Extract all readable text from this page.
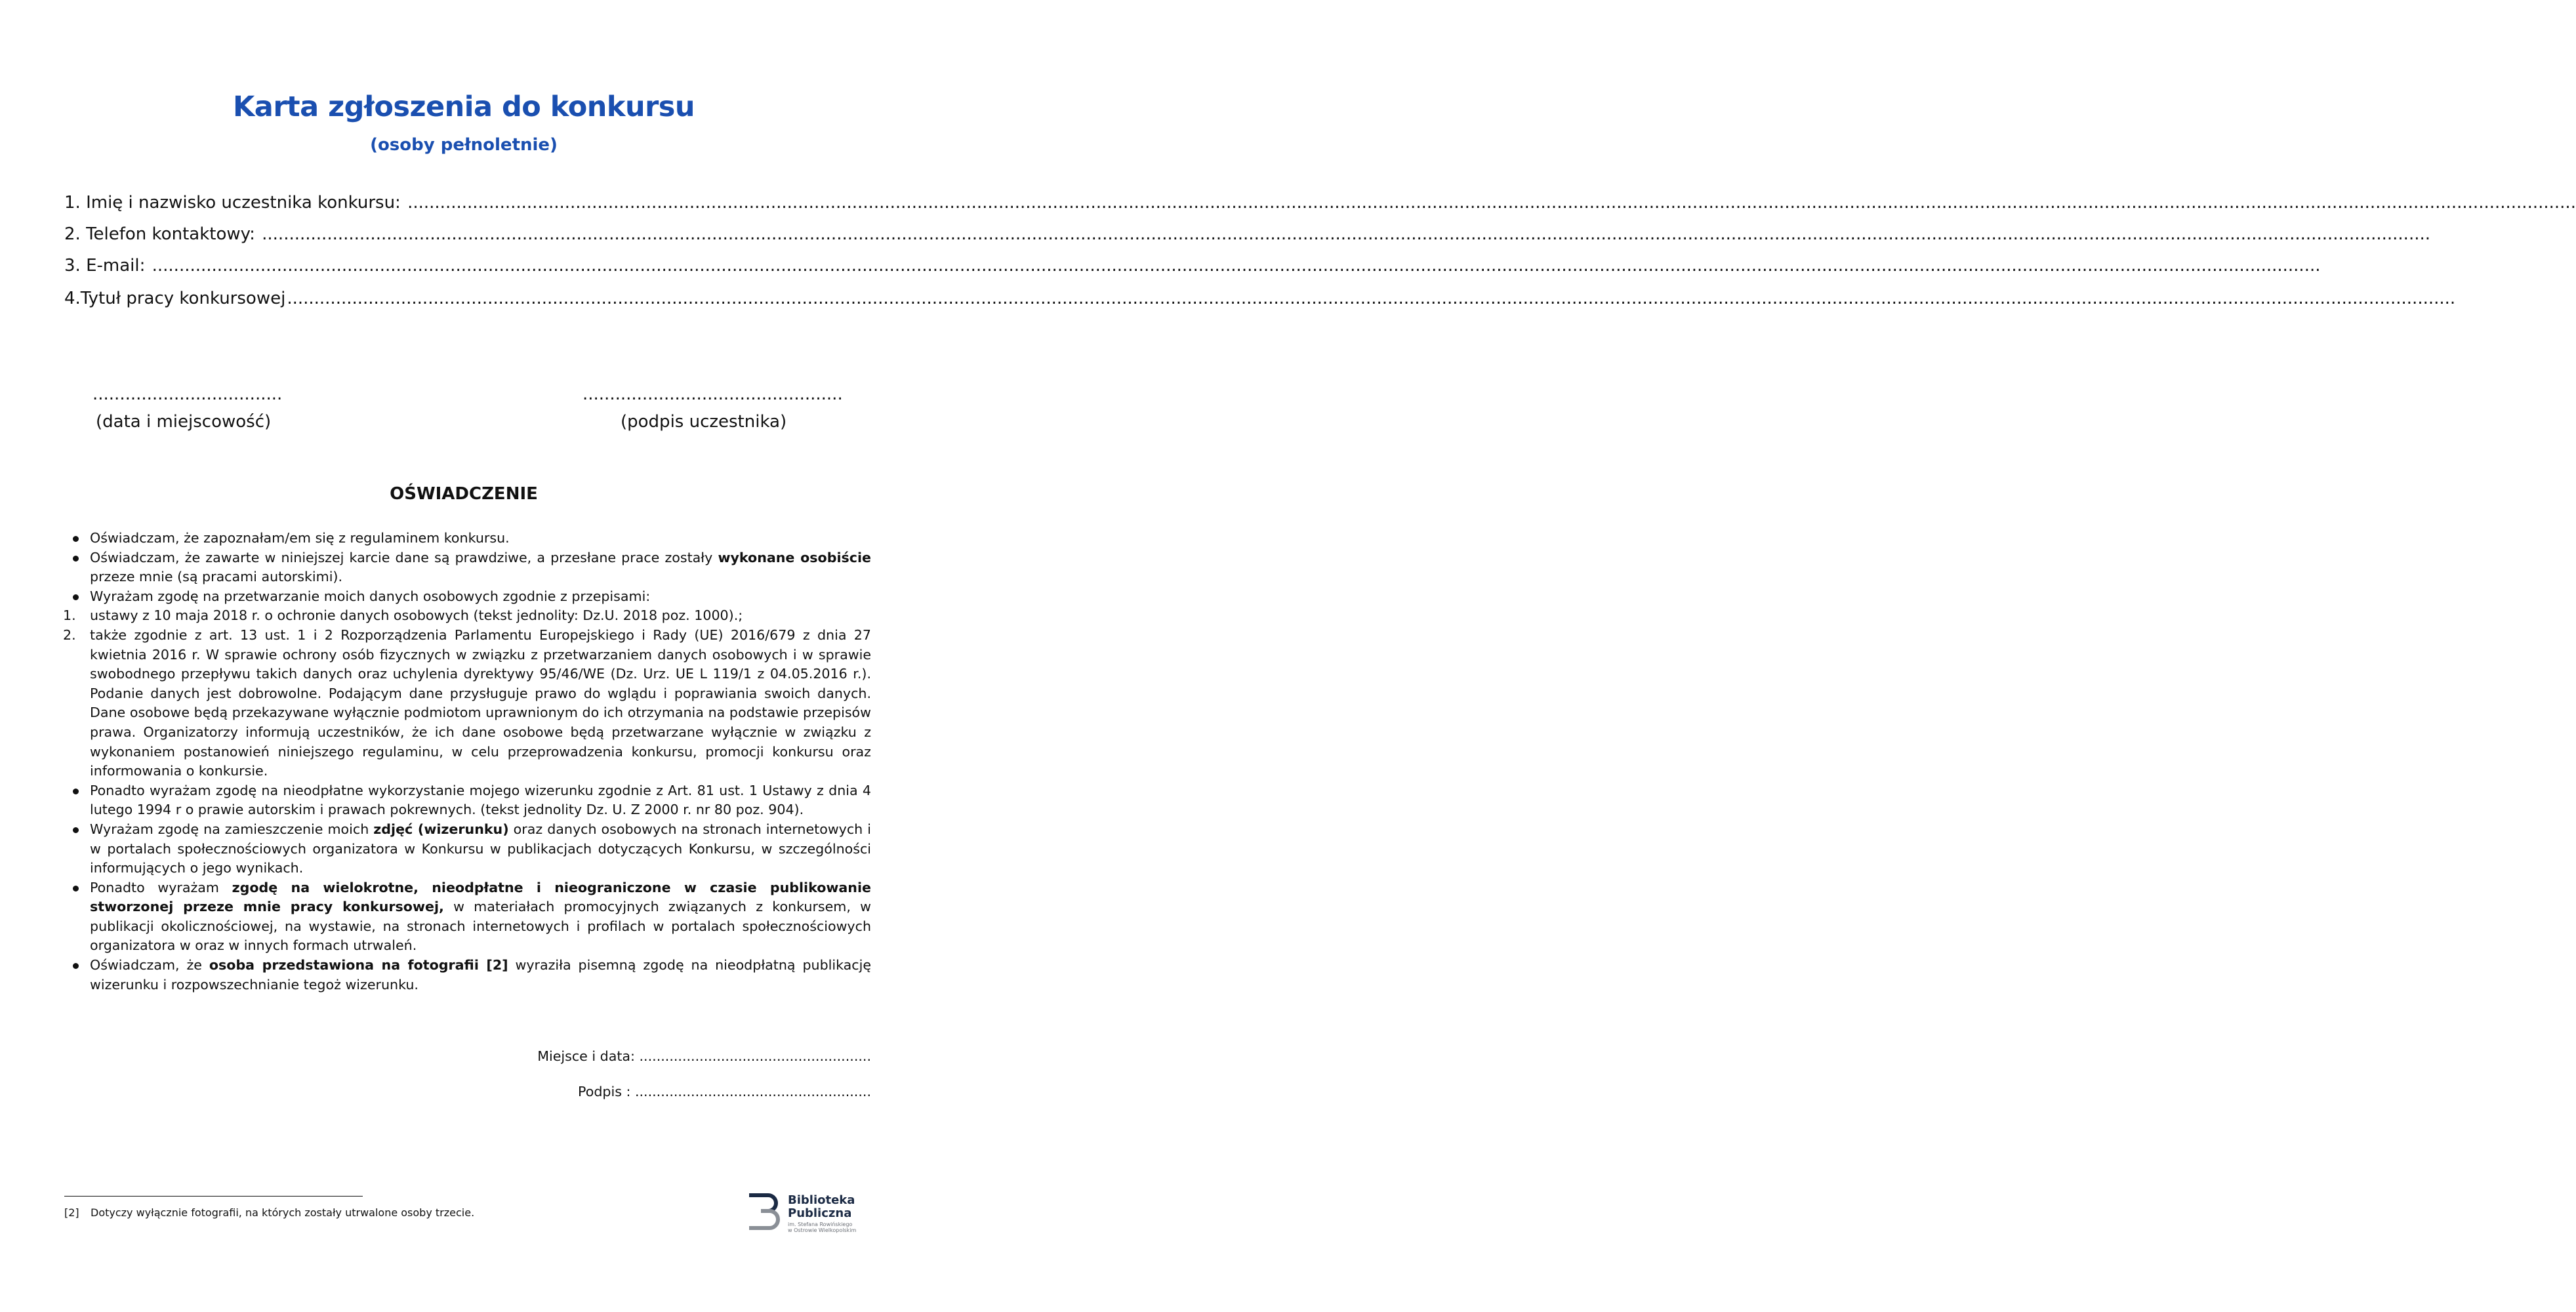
Karta zgłoszenia do konkursu
(osoby pełnoletnie)
1. Imię i nazwisko uczestnika konkursu: ................................................................................................................................................................................................................................................................................................................................................................................................................
2. Telefon kontaktowy: ................................................................................................................................................................................................................................................................................................................................................................................................................
3. E-mail: ................................................................................................................................................................................................................................................................................................................................................................................................................
4.Tytuł pracy konkursowej................................................................................................................................................................................................................................................................................................................................................................................................................
...................................
(data i miejscowość)
................................................
(podpis uczestnika)
OŚWIADCZENIE
Oświadczam, że zapoznałam/em się z regulaminem konkursu.
Oświadczam, że zawarte w niniejszej karcie dane są prawdziwe, a przesłane prace zostały wykonane osobiście przeze mnie (są pracami autorskimi).
Wyrażam zgodę na przetwarzanie moich danych osobowych zgodnie z przepisami:
1. ustawy z 10 maja 2018 r. o ochronie danych osobowych (tekst jednolity: Dz.U. 2018 poz. 1000).;
2. także zgodnie z art. 13 ust. 1 i 2 Rozporządzenia Parlamentu Europejskiego i Rady (UE) 2016/679 z dnia 27 kwietnia 2016 r. W sprawie ochrony osób fizycznych w związku z przetwarzaniem danych osobowych i w sprawie swobodnego przepływu takich danych oraz uchylenia dyrektywy 95/46/WE (Dz. Urz. UE L 119/1 z 04.05.2016 r.). Podanie danych jest dobrowolne. Podającym dane przysługuje prawo do wglądu i poprawiania swoich danych. Dane osobowe będą przekazywane wyłącznie podmiotom uprawnionym do ich otrzymania na podstawie przepisów prawa. Organizatorzy informują uczestników, że ich dane osobowe będą przetwarzane wyłącznie w związku z wykonaniem postanowień niniejszego regulaminu, w celu przeprowadzenia konkursu, promocji konkursu oraz informowania o konkursie.
Ponadto wyrażam zgodę na nieodpłatne wykorzystanie mojego wizerunku zgodnie z Art. 81 ust. 1 Ustawy z dnia 4 lutego 1994 r o prawie autorskim i prawach pokrewnych. (tekst jednolity Dz. U. Z 2000 r. nr 80 poz. 904).
Wyrażam zgodę na zamieszczenie moich zdjęć (wizerunku) oraz danych osobowych na stronach internetowych i w portalach społecznościowych organizatora w Konkursu w publikacjach dotyczących Konkursu, w szczególności informujących o jego wynikach.
Ponadto wyrażam zgodę na wielokrotne, nieodpłatne i nieograniczone w czasie publikowanie stworzonej przeze mnie pracy konkursowej, w materiałach promocyjnych związanych z konkursem, w publikacji okolicznościowej, na wystawie, na stronach internetowych i profilach w portalach społecznościowych organizatora w oraz w innych formach utrwaleń.
Oświadczam, że osoba przedstawiona na fotografii [2] wyraziła pisemną zgodę na nieodpłatną publikację wizerunku i rozpowszechnianie tegoż wizerunku.
Miejsce i data: ......................................................
Podpis : .......................................................
[2] Dotyczy wyłącznie fotografii, na których zostały utrwalone osoby trzecie.
Biblioteka
Publiczna
im. Stefana Rowińskiego
w Ostrowie Wielkopolskim
